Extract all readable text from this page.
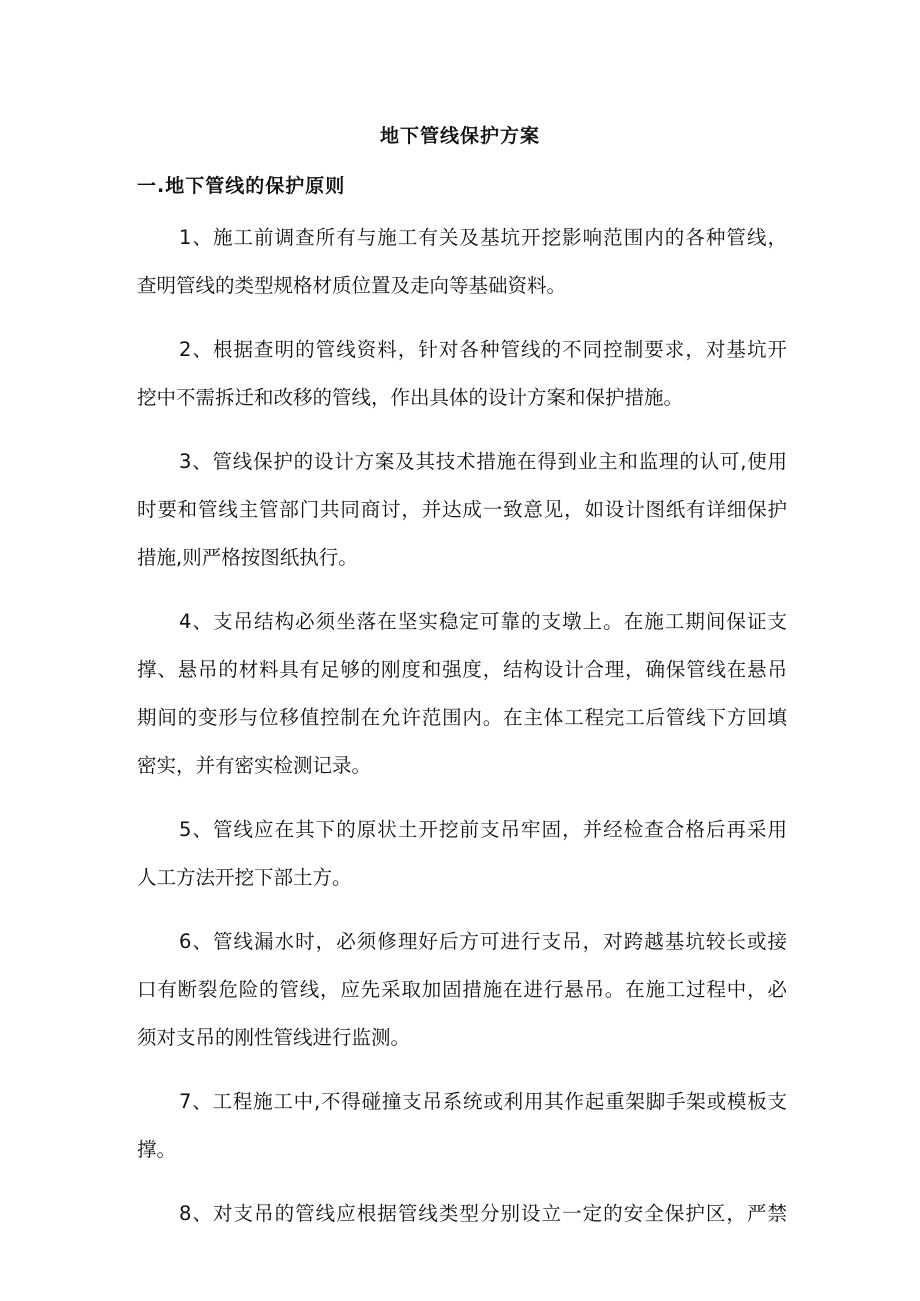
地下管线保护方案
一.地下管线的保护原则
1、施工前调查所有与施工有关及基坑开挖影响范围内的各种管线，
查明管线的类型规格材质位置及走向等基础资料。
2、根据查明的管线资料，针对各种管线的不同控制要求，对基坑开
挖中不需拆迁和改移的管线，作出具体的设计方案和保护措施。
3、管线保护的设计方案及其技术措施在得到业主和监理的认可,使用
时要和管线主管部门共同商讨，并达成一致意见，如设计图纸有详细保护
措施,则严格按图纸执行。
4、支吊结构必须坐落在坚实稳定可靠的支墩上。在施工期间保证支
撑、悬吊的材料具有足够的刚度和强度，结构设计合理，确保管线在悬吊
期间的变形与位移值控制在允许范围内。在主体工程完工后管线下方回填
密实，并有密实检测记录。
5、管线应在其下的原状土开挖前支吊牢固，并经检查合格后再采用
人工方法开挖下部土方。
6、管线漏水时，必须修理好后方可进行支吊，对跨越基坑较长或接
口有断裂危险的管线，应先采取加固措施在进行悬吊。在施工过程中，必
须对支吊的刚性管线进行监测。
7、工程施工中,不得碰撞支吊系统或利用其作起重架脚手架或模板支
撑。
8、对支吊的管线应根据管线类型分别设立一定的安全保护区，严禁
